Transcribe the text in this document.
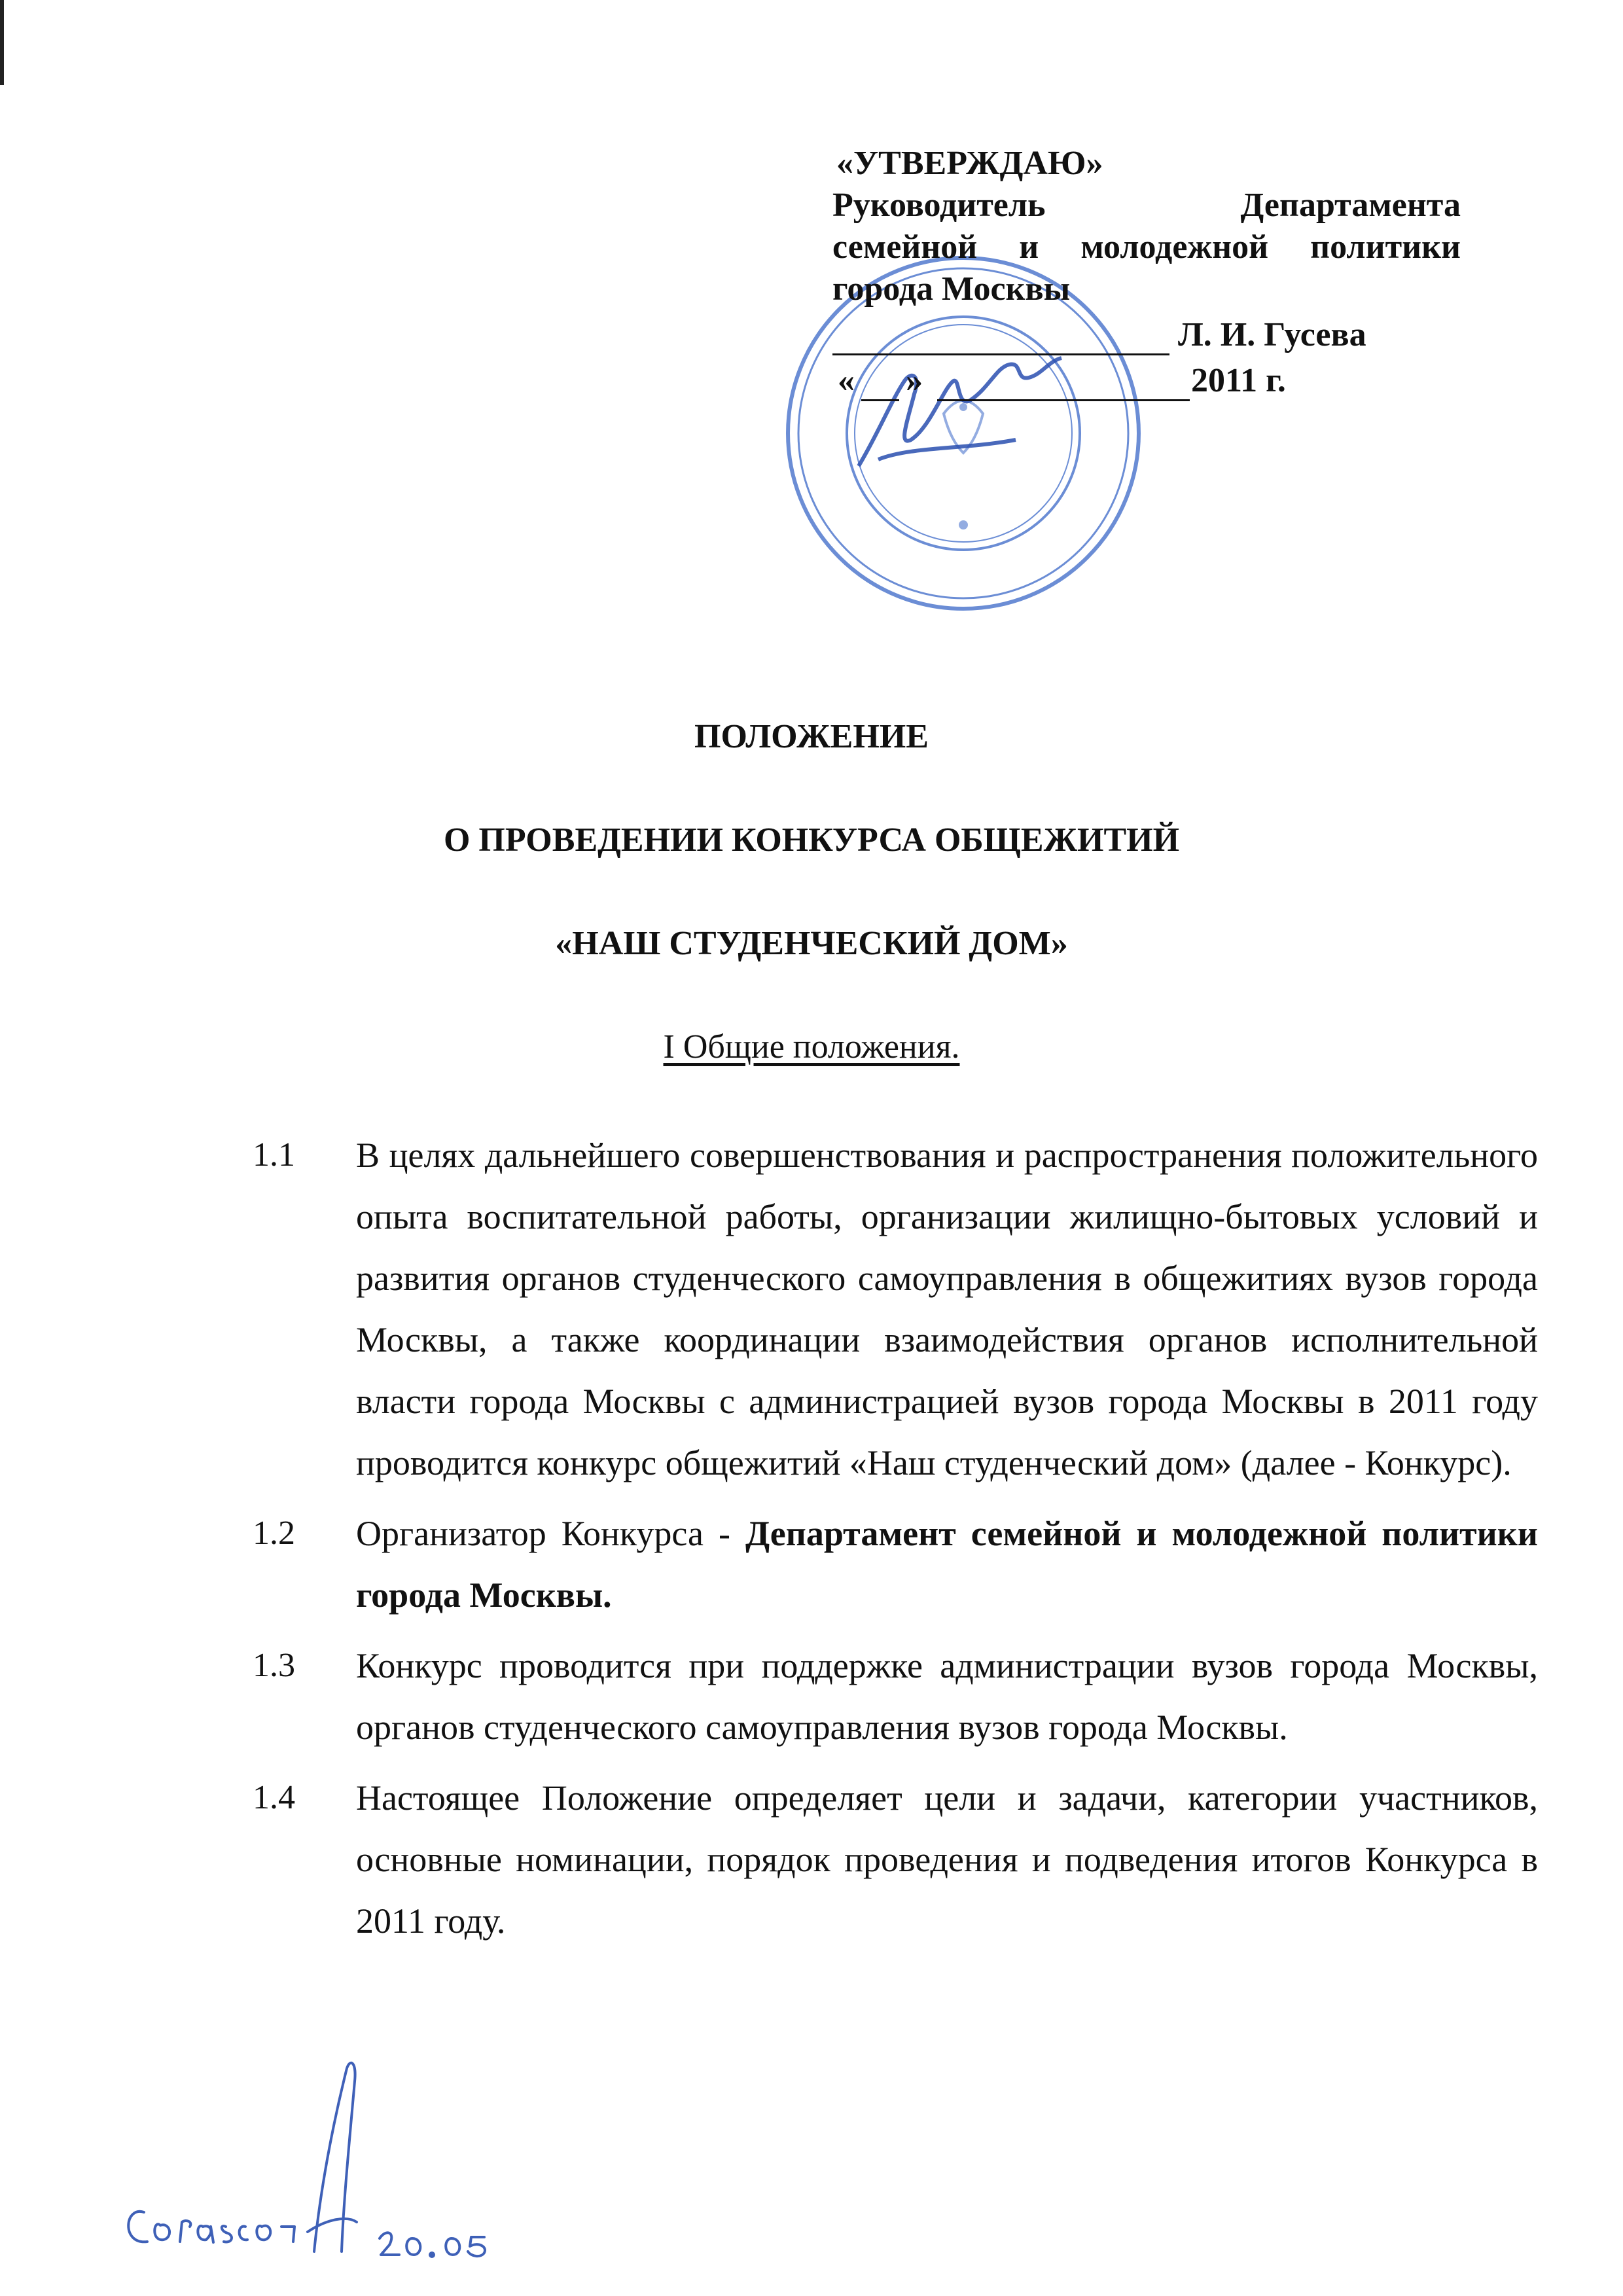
«УТВЕРЖДАЮ»
Руководитель Департамента
семейной и молодежной политики
города Москвы
Л. И. Гусева
« »	2011 г.
ПОЛОЖЕНИЕ
О ПРОВЕДЕНИИ КОНКУРСА ОБЩЕЖИТИЙ
«НАШ СТУДЕНЧЕСКИЙ ДОМ»
I Общие положения.
1.1 В целях дальнейшего совершенствования и распространения положительного опыта воспитательной работы, организации жилищно-бытовых условий и развития органов студенческого самоуправления в общежитиях вузов города Москвы, а также координации взаимодействия органов исполнительной власти города Москвы с администрацией вузов города Москвы в 2011 году проводится конкурс общежитий «Наш студенческий дом» (далее - Конкурс).
1.2 Организатор Конкурса - Департамент семейной и молодежной политики города Москвы.
1.3 Конкурс проводится при поддержке администрации вузов города Москвы, органов студенческого самоуправления вузов города Москвы.
1.4 Настоящее Положение определяет цели и задачи, категории участников, основные номинации, порядок проведения и подведения итогов Конкурса в 2011 году.
